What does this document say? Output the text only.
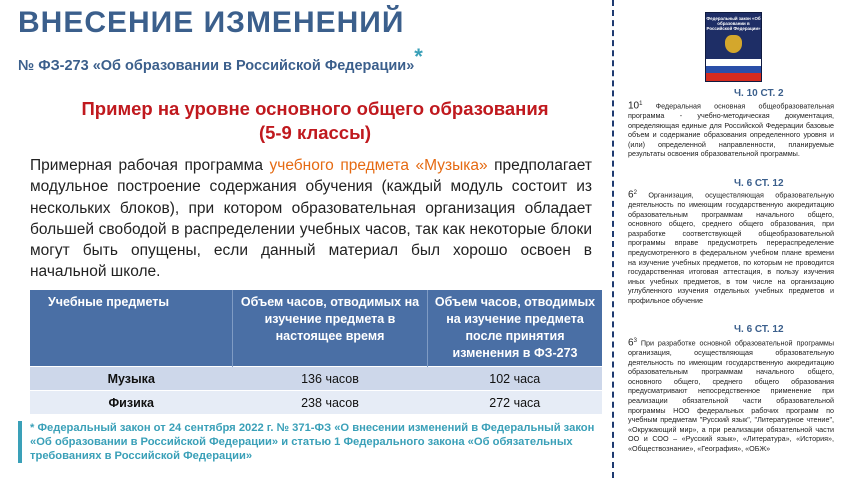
ВНЕСЕНИЕ ИЗМЕНЕНИЙ
№ ФЗ-273 «Об образовании в Российской Федерации»*
Пример на уровне основного общего образования
(5-9 классы)
Примерная рабочая программа учебного предмета «Музыка» предполагает модульное построение содержания обучения (каждый модуль состоит из нескольких блоков), при котором образовательная организация обладает большей свободой в распределении учебных часов, так как некоторые блоки могут быть опущены, если данный материал был хорошо освоен в начальной школе.
Учебные предметы	Объем часов, отводимых на изучение предмета в настоящее время	Объем часов, отводимых на изучение предмета после принятия изменения в ФЗ-273
Музыка	136 часов	102 часа
Физика	238 часов	272 часа
* Федеральный закон от 24 сентября 2022 г. № 371-ФЗ «О внесении изменений в Федеральный закон «Об образовании в Российской Федерации» и статью 1 Федерального закона «Об обязательных требованиях в Российской Федерации»
Федеральный закон «Об образовании в Российской Федерации»
Ч. 10 СТ. 2
$10^1$ Федеральная основная общеобразовательная программа - учебно-методическая документация, определяющая единые для Российской Федерации базовые объем и содержание образования определенного уровня и (или) определенной направленности, планируемые результаты освоения образовательной программы.
Ч. 6 СТ. 12
$6^2$ Организация, осуществляющая образовательную деятельность по имеющим государственную аккредитацию образовательным программам начального общего, основного общего, среднего общего образования, при разработке соответствующей общеобразовательной программы вправе предусмотреть перераспределение предусмотренного в федеральном учебном плане времени на изучение учебных предметов, по которым не проводится государственная итоговая аттестация, в пользу изучения иных учебных предметов, в том числе на организацию углубленного изучения отдельных учебных предметов и профильное обучение
Ч. 6 СТ. 12
$6^3$ При разработке основной образовательной программы организация, осуществляющая образовательную деятельность по имеющим государственную аккредитацию образовательным программам начального общего, основного общего, среднего общего образования предусматривают непосредственное применение при реализации обязательной части образовательной программы НОО федеральных рабочих программ по учебным предметам "Русский язык", "Литературное чтение", «Окружающий мир», а при реализации обязательной части ОО и СОО – «Русский язык», «Литература», «История», «Обществознание», «География», «ОБЖ»
